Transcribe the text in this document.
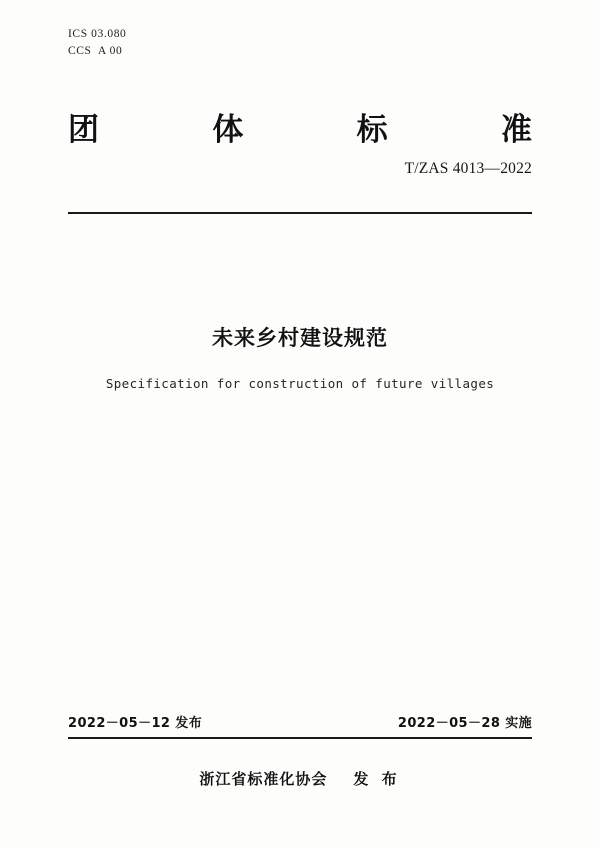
ICS 03.080
CCS  A 00
团	体	标	准
T/ZAS 4013—2022
未来乡村建设规范
Specification for construction of future villages
2022－05－12 发布	2022－05－28 实施
浙江省标准化协会 发 布
